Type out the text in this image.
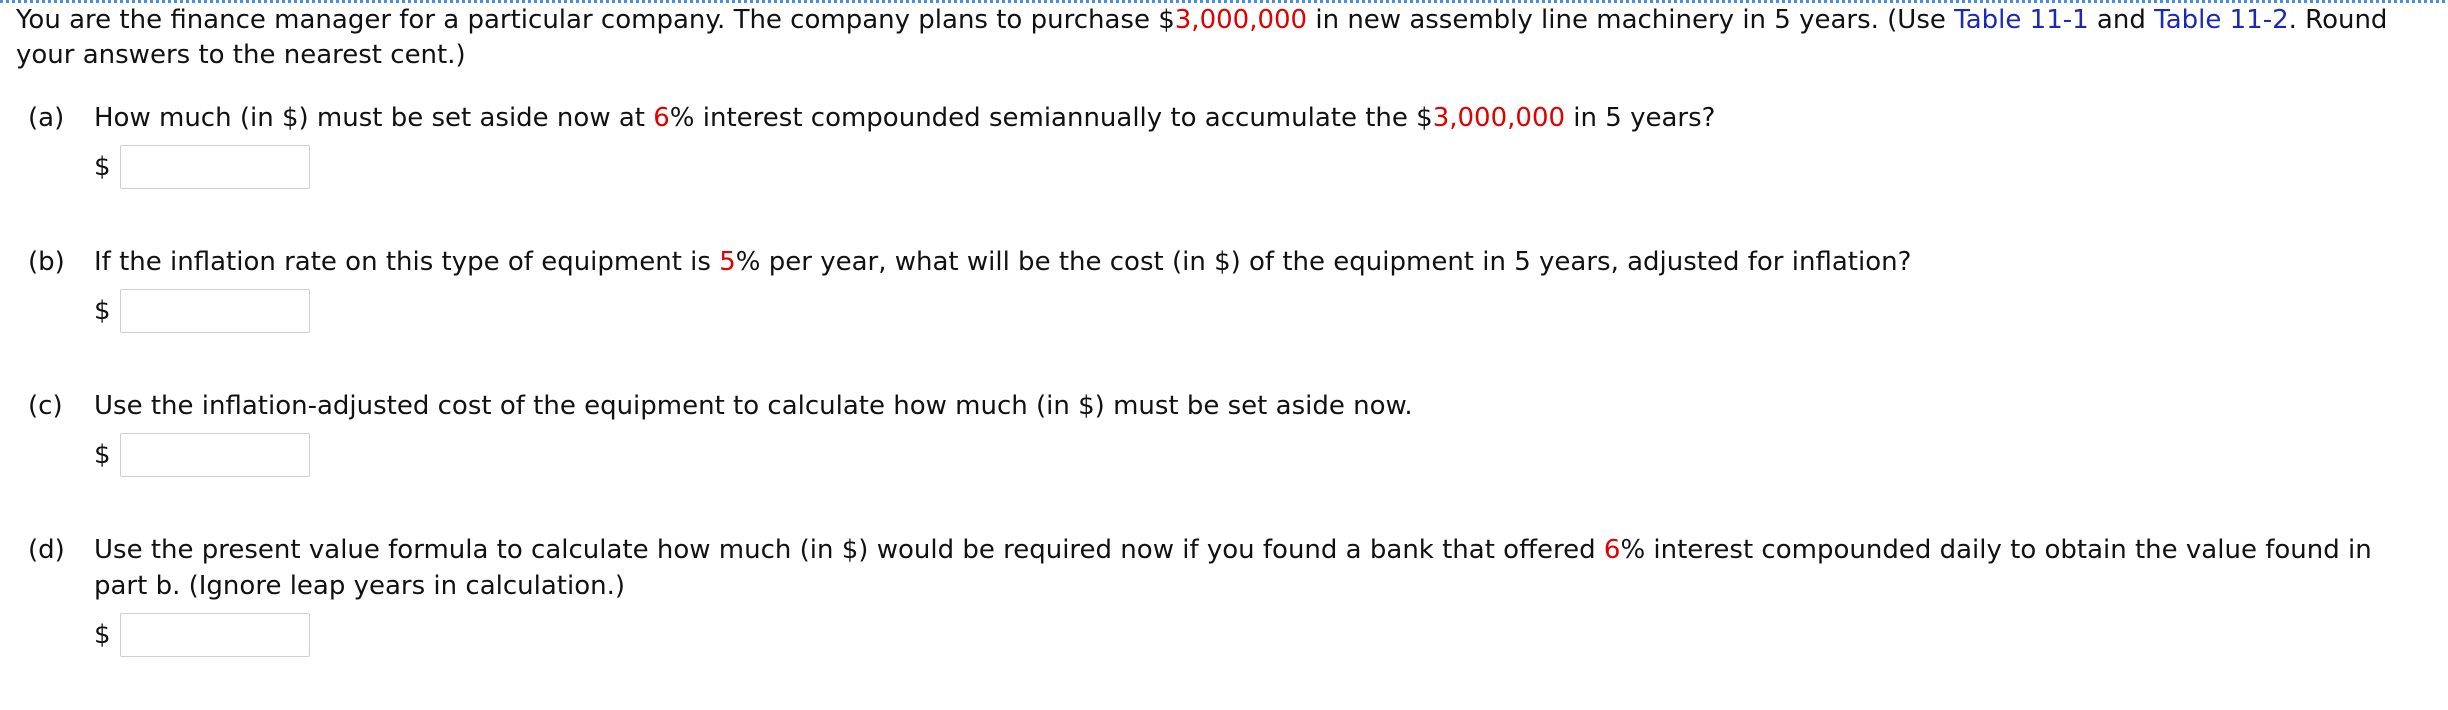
You are the finance manager for a particular company. The company plans to purchase $3,000,000 in new assembly line machinery in 5 years. (Use Table 11-1 and Table 11-2. Round your answers to the nearest cent.)
(a)	How much (in $) must be set aside now at 6% interest compounded semiannually to accumulate the $3,000,000 in 5 years?
$
(b)	If the inflation rate on this type of equipment is 5% per year, what will be the cost (in $) of the equipment in 5 years, adjusted for inflation?
$
(c)	Use the inflation-adjusted cost of the equipment to calculate how much (in $) must be set aside now.
$
(d)	Use the present value formula to calculate how much (in $) would be required now if you found a bank that offered 6% interest compounded daily to obtain the value found in part b. (Ignore leap years in calculation.)
$
